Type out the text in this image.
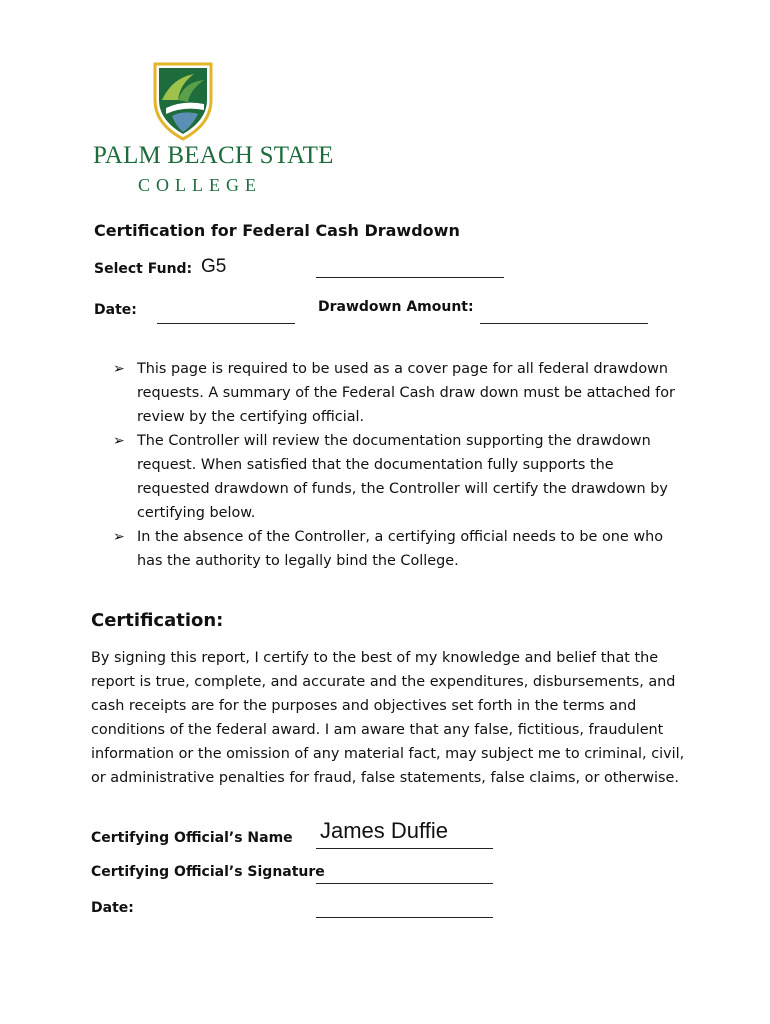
PALM BEACH STATE
COLLEGE
Certification for Federal Cash Drawdown
Select Fund: G5
Date:	Drawdown Amount:
➢ This page is required to be used as a cover page for all federal drawdown
requests. A summary of the Federal Cash draw down must be attached for
review by the certifying official.
➢ The Controller will review the documentation supporting the drawdown
request. When satisfied that the documentation fully supports the
requested drawdown of funds, the Controller will certify the drawdown by
certifying below.
➢ In the absence of the Controller, a certifying official needs to be one who
has the authority to legally bind the College.
Certification:

By signing this report, I certify to the best of my knowledge and belief that the

report is true, complete, and accurate and the expenditures, disbursements, and

cash receipts are for the purposes and objectives set forth in the terms and

conditions of the federal award. I am aware that any false, fictitious, fraudulent

information or the omission of any material fact, may subject me to criminal, civil,

or administrative penalties for fraud, false statements, false claims, or otherwise.

Certifying Official’s Name James Duffie
Certifying Official’s Signature
Date:
